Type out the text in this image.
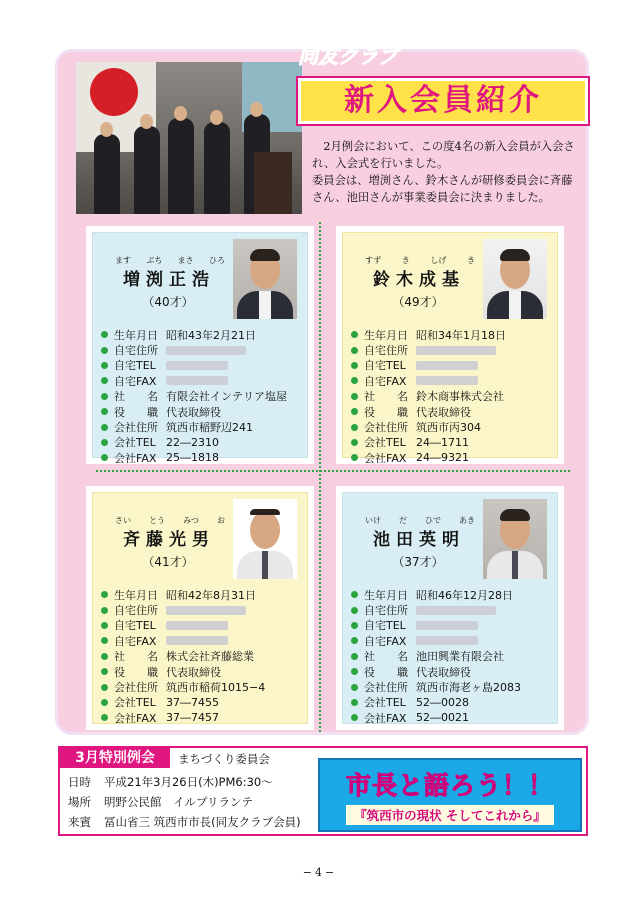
同友クラブ
新入会員紹介

2月例会において、この度4名の新入会員が入会され、入会式を行いました。

委員会は、増渕さん、鈴木さんが研修委員会に斉藤さん、池田さんが事業委員会に決まりました。
ます ぶち まさ ひろ
増渕正浩
（40才）
生年月日 昭和43年2月21日
自宅住所
自宅TEL
自宅FAX
社　　名 有限会社インテリア塩屋
役　　職 代表取締役
会社住所 筑西市稲野辺241
会社TEL 22―2310
会社FAX 25―1818
すず	き	しげ	き
鈴木成基
（49才）
生年月日 昭和34年1月18日
自宅住所
自宅TEL
自宅FAX
社　　名 鈴木商事株式会社
役　　職 代表取締役
会社住所 筑西市丙304
会社TEL 24―1711
会社FAX 24―9321
さい とう みつ お
斉藤光男
（41才）
生年月日 昭和42年8月31日
自宅住所
自宅TEL
自宅FAX
社　　名 株式会社斉藤総業
役　　職 代表取締役
会社住所 筑西市稲荷1015−4
会社TEL 37―7455
会社FAX 37―7457
いけ だ ひで あき
池田英明
（37才）
生年月日 昭和46年12月28日
自宅住所
自宅TEL
自宅FAX
社　　名 池田興業有限会社
役　　職 代表取締役
会社住所 筑西市海老ヶ島2083
会社TEL 52―0028
会社FAX 52―0021
3月特別例会	まちづくり委員会
日時 平成21年3月26日(木)PM6:30〜
場所 明野公民館　イルプリランテ
来賓 冨山省三 筑西市市長(同友クラブ会員)
市長と語ろう！！
『筑西市の現状 そしてこれから』
−4−
